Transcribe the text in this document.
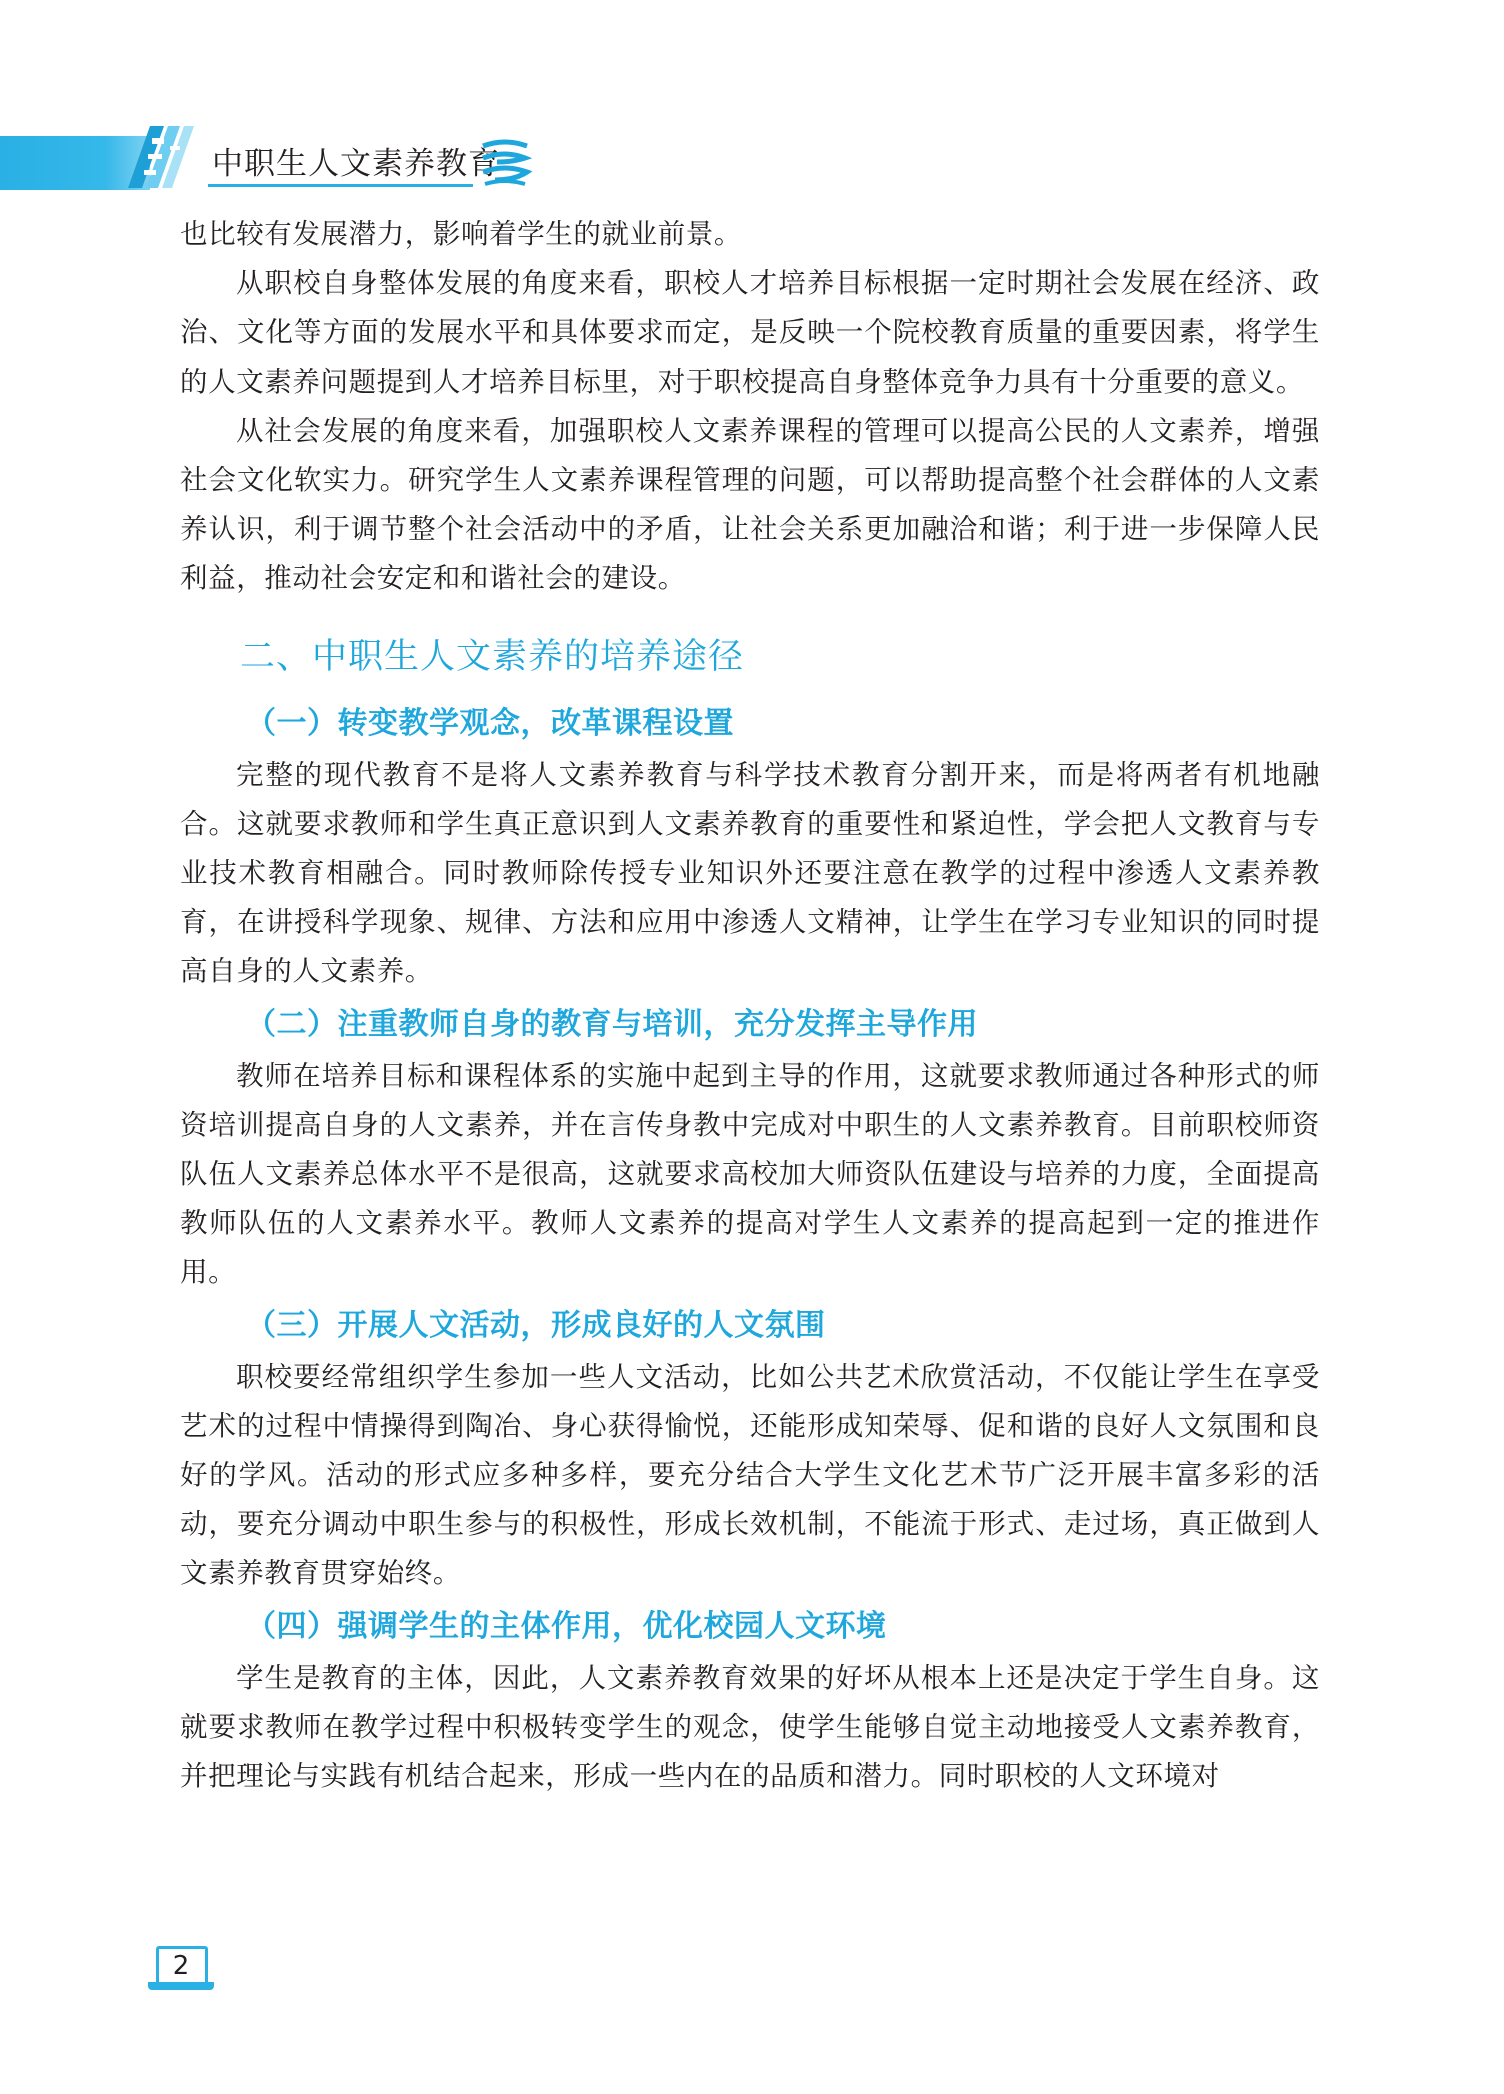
中职生人文素养教育

也比较有发展潜力，影响着学生的就业前景。

从职校自身整体发展的角度来看，职校人才培养目标根据一定时期社会发展在经济、政治、文化等方面的发展水平和具体要求而定，是反映一个院校教育质量的重要因素，将学生的人文素养问题提到人才培养目标里，对于职校提高自身整体竞争力具有十分重要的意义。

从社会发展的角度来看，加强职校人文素养课程的管理可以提高公民的人文素养，增强社会文化软实力。研究学生人文素养课程管理的问题，可以帮助提高整个社会群体的人文素养认识，利于调节整个社会活动中的矛盾，让社会关系更加融洽和谐；利于进一步保障人民利益，推动社会安定和和谐社会的建设。

二、中职生人文素养的培养途径
（一）转变教学观念，改革课程设置

完整的现代教育不是将人文素养教育与科学技术教育分割开来，而是将两者有机地融合。这就要求教师和学生真正意识到人文素养教育的重要性和紧迫性，学会把人文教育与专业技术教育相融合。同时教师除传授专业知识外还要注意在教学的过程中渗透人文素养教育，在讲授科学现象、规律、方法和应用中渗透人文精神，让学生在学习专业知识的同时提高自身的人文素养。

（二）注重教师自身的教育与培训，充分发挥主导作用

教师在培养目标和课程体系的实施中起到主导的作用，这就要求教师通过各种形式的师资培训提高自身的人文素养，并在言传身教中完成对中职生的人文素养教育。目前职校师资队伍人文素养总体水平不是很高，这就要求高校加大师资队伍建设与培养的力度，全面提高教师队伍的人文素养水平。教师人文素养的提高对学生人文素养的提高起到一定的推进作用。

（三）开展人文活动，形成良好的人文氛围

职校要经常组织学生参加一些人文活动，比如公共艺术欣赏活动，不仅能让学生在享受艺术的过程中情操得到陶冶、身心获得愉悦，还能形成知荣辱、促和谐的良好人文氛围和良好的学风。活动的形式应多种多样，要充分结合大学生文化艺术节广泛开展丰富多彩的活动，要充分调动中职生参与的积极性，形成长效机制，不能流于形式、走过场，真正做到人文素养教育贯穿始终。

（四）强调学生的主体作用，优化校园人文环境

学生是教育的主体，因此，人文素养教育效果的好坏从根本上还是决定于学生自身。这就要求教师在教学过程中积极转变学生的观念，使学生能够自觉主动地接受人文素养教育，并把理论与实践有机结合起来，形成一些内在的品质和潜力。同时职校的人文环境对

2
